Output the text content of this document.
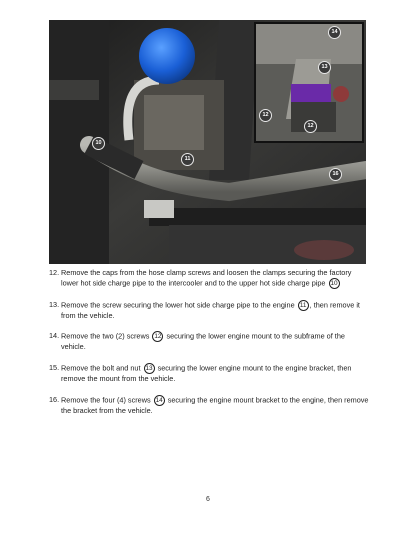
10
11
14
13
12
12
16
12. Remove the caps from the hose clamp screws and loosen the clamps securing the factory lower hot side charge pipe to the intercooler and to the upper hot side charge pipe 10
13. Remove the screw securing the lower hot side charge pipe to the engine 11 , then remove it from the vehicle.
14. Remove the two (2) screws 12 securing the lower engine mount to the subframe of the vehicle.
15. Remove the bolt and nut 13 securing the lower engine mount to the engine bracket, then remove the mount from the vehicle.
16. Remove the four (4) screws 14 securing the engine mount bracket to the engine, then remove the bracket from the vehicle.
6
